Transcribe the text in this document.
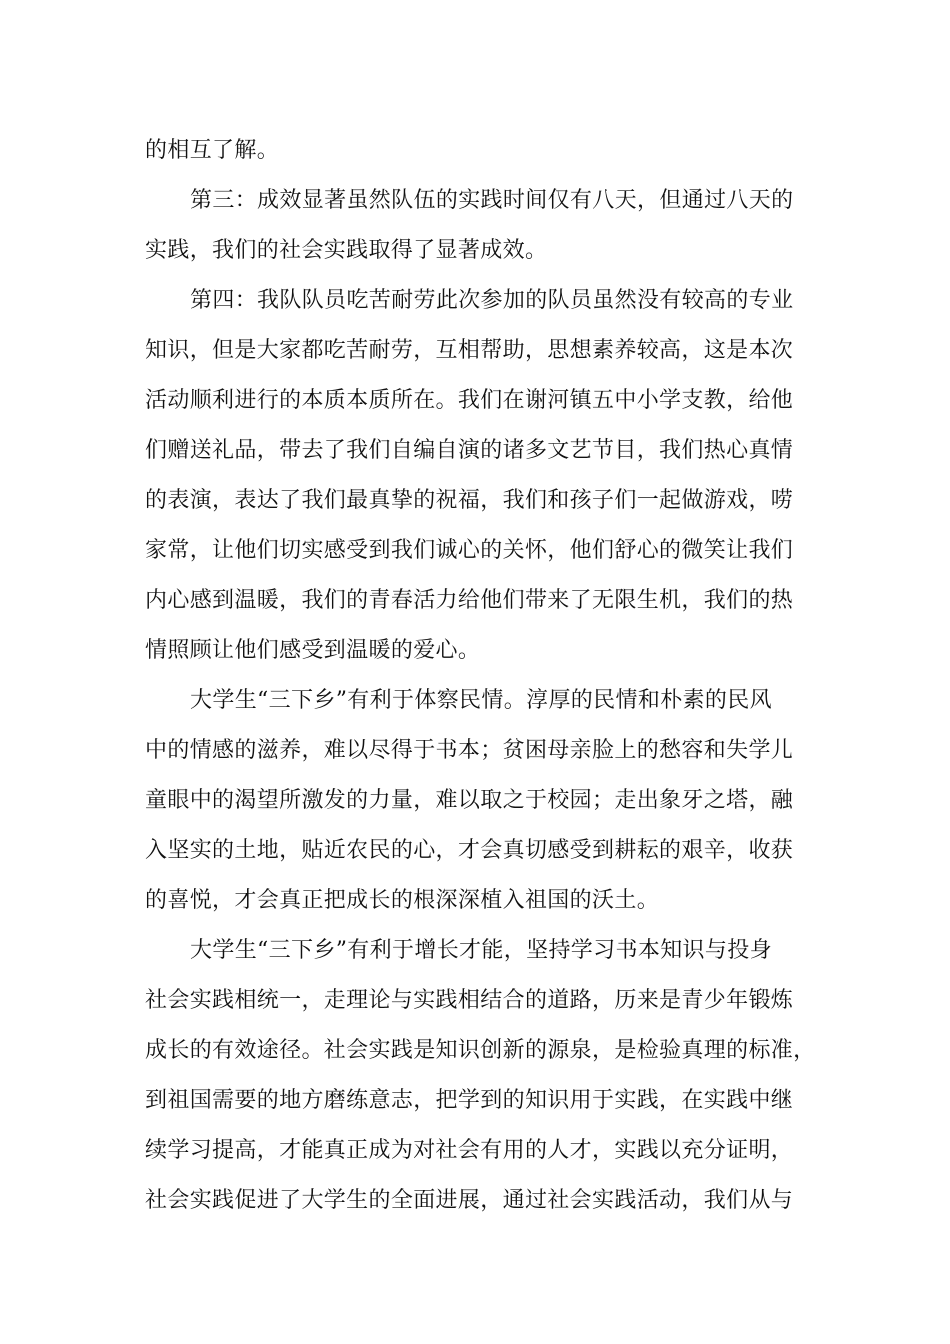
的相互了解。
第三：成效显著虽然队伍的实践时间仅有八天，但通过八天的
实践，我们的社会实践取得了显著成效。
第四：我队队员吃苦耐劳此次参加的队员虽然没有较高的专业
知识，但是大家都吃苦耐劳，互相帮助，思想素养较高，这是本次
活动顺利进行的本质本质所在。我们在谢河镇五中小学支教，给他
们赠送礼品，带去了我们自编自演的诸多文艺节目，我们热心真情
的表演，表达了我们最真挚的祝福，我们和孩子们一起做游戏，唠
家常，让他们切实感受到我们诚心的关怀，他们舒心的微笑让我们
内心感到温暖，我们的青春活力给他们带来了无限生机，我们的热
情照顾让他们感受到温暖的爱心。
大学生“三下乡”有利于体察民情。淳厚的民情和朴素的民风
中的情感的滋养，难以尽得于书本；贫困母亲脸上的愁容和失学儿
童眼中的渴望所激发的力量，难以取之于校园；走出象牙之塔，融
入坚实的土地，贴近农民的心，才会真切感受到耕耘的艰辛，收获
的喜悦，才会真正把成长的根深深植入祖国的沃土。
大学生“三下乡”有利于增长才能，坚持学习书本知识与投身
社会实践相统一，走理论与实践相结合的道路，历来是青少年锻炼
成长的有效途径。社会实践是知识创新的源泉，是检验真理的标准，
到祖国需要的地方磨练意志，把学到的知识用于实践，在实践中继
续学习提高，才能真正成为对社会有用的人才，实践以充分证明，
社会实践促进了大学生的全面进展，通过社会实践活动，我们从与
